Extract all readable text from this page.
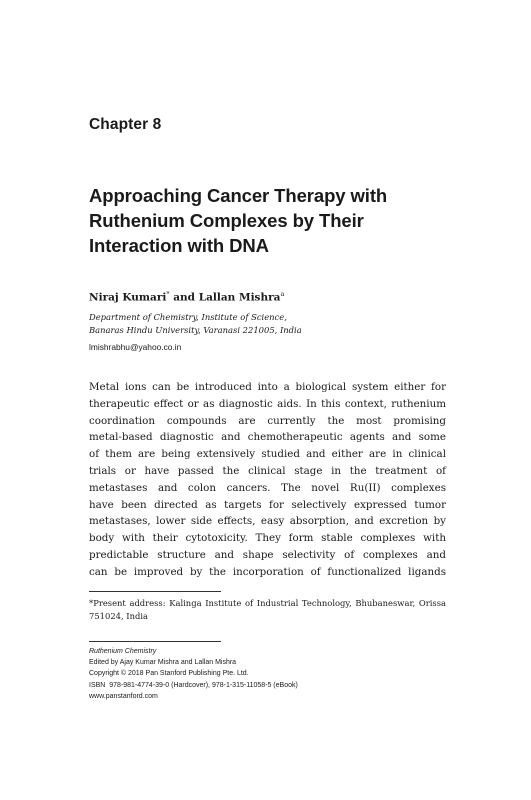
Chapter 8
Approaching Cancer Therapy with
Ruthenium Complexes by Their
Interaction with DNA
Niraj Kumari* and Lallan Mishra$^a$
Department of Chemistry, Institute of Science,
Banaras Hindu University, Varanasi 221005, India
lmishrabhu@yahoo.co.in
Metal ions can be introduced into a biological system either for
therapeutic effect or as diagnostic aids. In this context, ruthenium
coordination compounds are currently the most promising
metal-based diagnostic and chemotherapeutic agents and some
of them are being extensively studied and either are in clinical
trials or have passed the clinical stage in the treatment of
metastases and colon cancers. The novel Ru(II) complexes
have been directed as targets for selectively expressed tumor
metastases, lower side effects, easy absorption, and excretion by
body with their cytotoxicity. They form stable complexes with
predictable structure and shape selectivity of complexes and
can be improved by the incorporation of functionalized ligands
*Present address: Kalinga Institute of Industrial Technology, Bhubaneswar, Orissa
751024, India
Ruthenium Chemistry
Edited by Ajay Kumar Mishra and Lallan Mishra
Copyright © 2018 Pan Stanford Publishing Pte. Ltd.
ISBN  978-981-4774-39-0 (Hardcover), 978-1-315-11058-5 (eBook)
www.panstanford.com
